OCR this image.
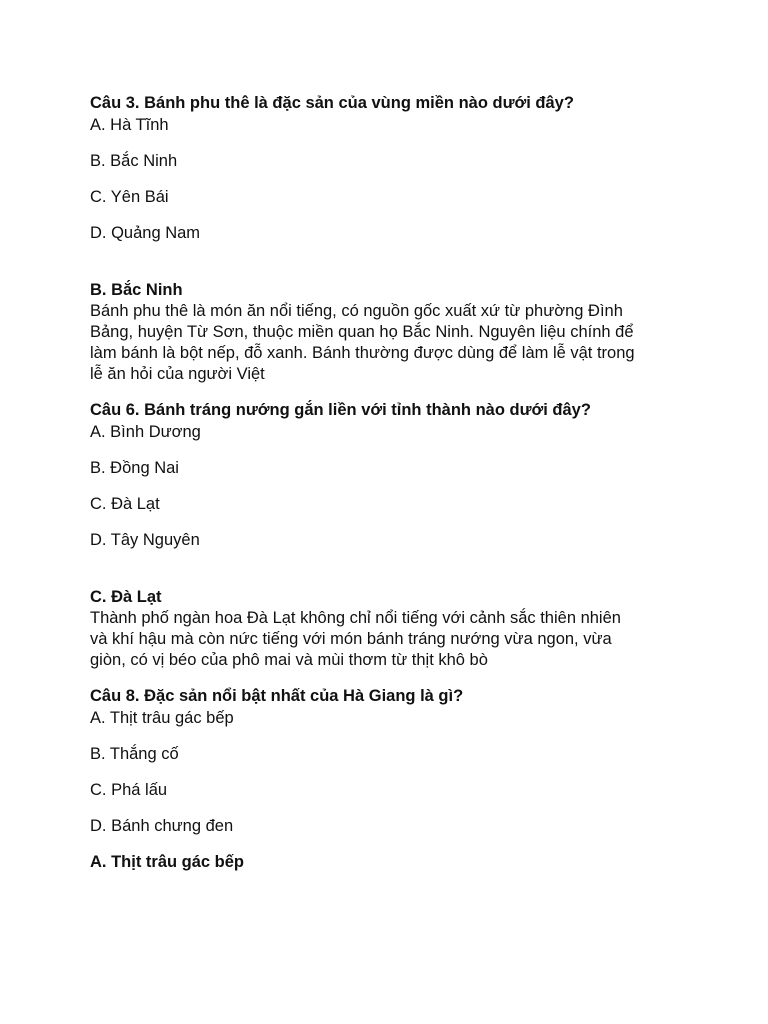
Câu 3. Bánh phu thê là đặc sản của vùng miền nào dưới đây?

A. Hà Tĩnh

B. Bắc Ninh

C. Yên Bái

D. Quảng Nam

B. Bắc Ninh

Bánh phu thê là món ăn nổi tiếng, có nguồn gốc xuất xứ từ phường Đình

Bảng, huyện Từ Sơn, thuộc miền quan họ Bắc Ninh. Nguyên liệu chính để

làm bánh là bột nếp, đỗ xanh. Bánh thường được dùng để làm lễ vật trong

lễ ăn hỏi của người Việt

Câu 6. Bánh tráng nướng gắn liền với tỉnh thành nào dưới đây?

A. Bình Dương

B. Đồng Nai

C. Đà Lạt

D. Tây Nguyên

C. Đà Lạt

Thành phố ngàn hoa Đà Lạt không chỉ nổi tiếng với cảnh sắc thiên nhiên

và khí hậu mà còn nức tiếng với món bánh tráng nướng vừa ngon, vừa

giòn, có vị béo của phô mai và mùi thơm từ thịt khô bò

Câu 8. Đặc sản nổi bật nhất của Hà Giang là gì?

A. Thịt trâu gác bếp

B. Thắng cố

C. Phá lấu

D. Bánh chưng đen

A. Thịt trâu gác bếp
